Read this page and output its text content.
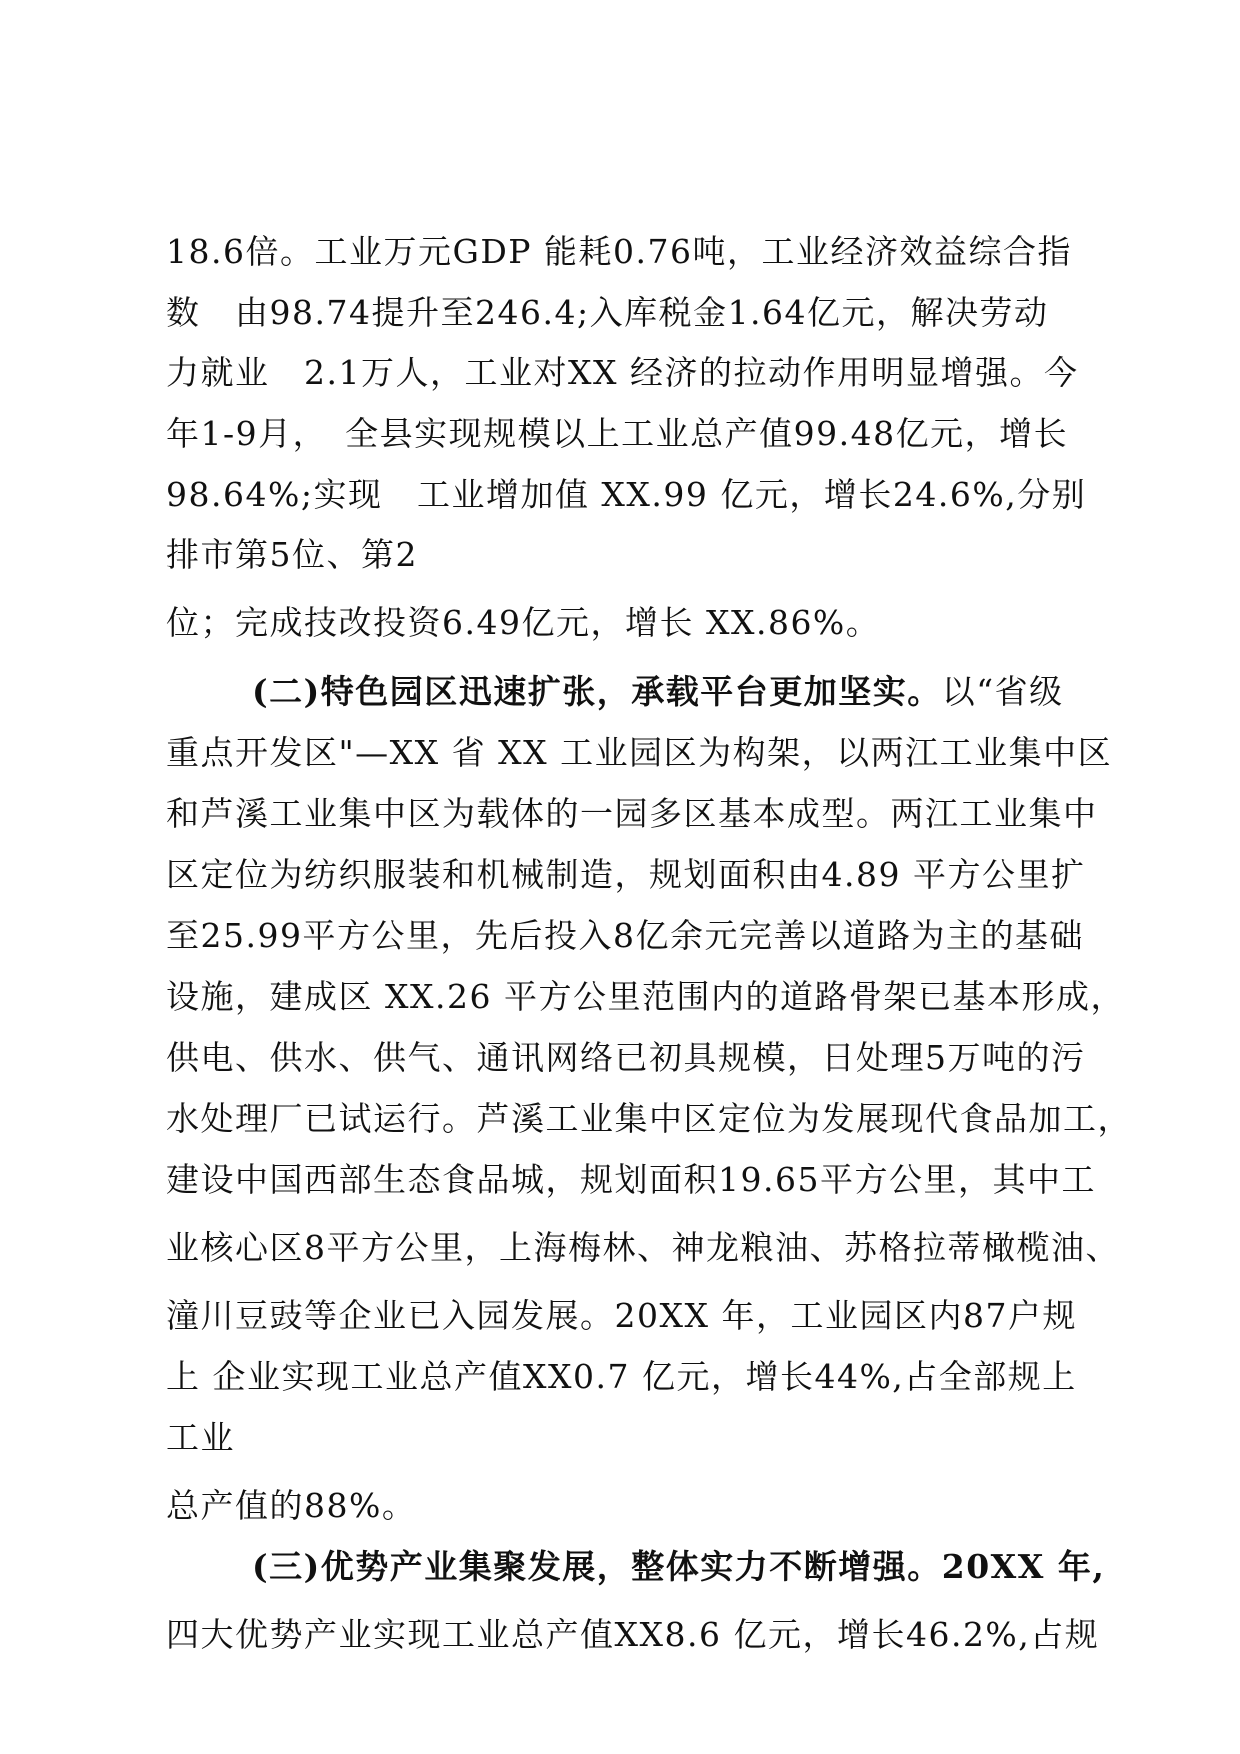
18.6倍。工业万元GDP 能耗0.76吨，工业经济效益综合指

数　由98.74提升至246.4;入库税金1.64亿元，解决劳动

力就业　2.1万人，工业对XX 经济的拉动作用明显增强。今

年1-9月，　全县实现规模以上工业总产值99.48亿元，增长

98.64%;实现　工业增加值 XX.99 亿元，增长24.6%,分别

排市第5位、第2

位；完成技改投资6.49亿元，增长 XX.86%。

(二)特色园区迅速扩张，承载平台更加坚实。以“省级

重点开发区"—XX 省 XX 工业园区为构架，以两江工业集中区

和芦溪工业集中区为载体的一园多区基本成型。两江工业集中

区定位为纺织服装和机械制造，规划面积由4.89 平方公里扩

至25.99平方公里，先后投入8亿余元完善以道路为主的基础

设施，建成区 XX.26 平方公里范围内的道路骨架已基本形成，

供电、供水、供气、通讯网络已初具规模，日处理5万吨的污

水处理厂已试运行。芦溪工业集中区定位为发展现代食品加工，

建设中国西部生态食品城，规划面积19.65平方公里，其中工

业核心区8平方公里，上海梅林、神龙粮油、苏格拉蒂橄榄油、

潼川豆豉等企业已入园发展。20XX 年，工业园区内87户规

上 企业实现工业总产值XX0.7 亿元，增长44%,占全部规上

工业

总产值的88%。

(三)优势产业集聚发展，整体实力不断增强。20XX 年,

四大优势产业实现工业总产值XX8.6 亿元，增长46.2%,占规
